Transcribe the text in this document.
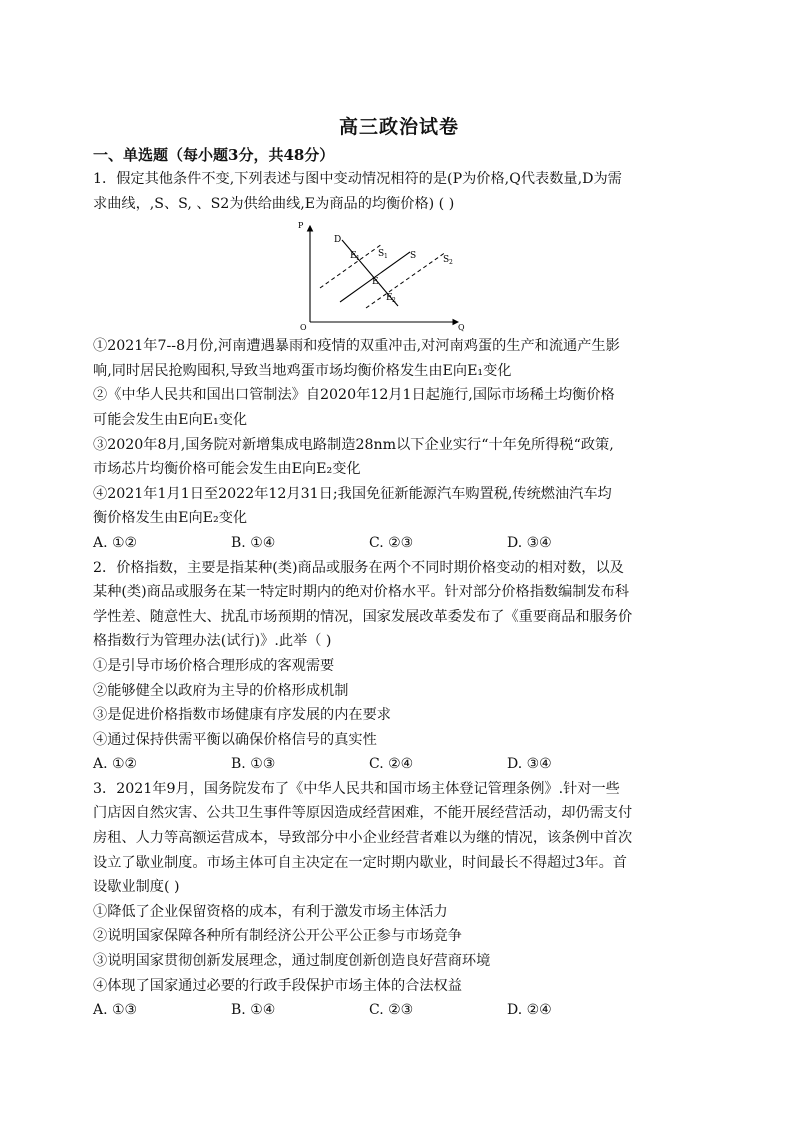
高三政治试卷
一、单选题（每小题3分，共48分）

1．假定其他条件不变,下列表述与图中变动情况相符的是(P为价格,Q代表数量,D为需

求曲线，,S、S, 、S2为供给曲线,E为商品的均衡价格) ( )

P
Q
O
D
S
S 1	S 2
E 1
E
E 2

①2021年7--8月份,河南遭遇暴雨和疫情的双重冲击,对河南鸡蛋的生产和流通产生影

响,同时居民抢购囤积,导致当地鸡蛋市场均衡价格发生由E向E₁变化

②《中华人民共和国出口管制法》自2020年12月1日起施行,国际市场稀土均衡价格

可能会发生由E向E₁变化

③2020年8月,国务院对新增集成电路制造28nm以下企业实行“十年免所得税“政策,

市场芯片均衡价格可能会发生由E向E₂变化

④2021年1月1日至2022年12月31日;我国免征新能源汽车购置税,传统燃油汽车均

衡价格发生由E向E₂变化

A. ①②	B. ①④	C. ②③	D. ③④

2．价格指数，主要是指某种(类)商品或服务在两个不同时期价格变动的相对数，以及

某种(类)商品或服务在某一特定时期内的绝对价格水平。针对部分价格指数编制发布科

学性差、随意性大、扰乱市场预期的情况，国家发展改革委发布了《重要商品和服务价

格指数行为管理办法(试行)》.此举（ )

①是引导市场价格合理形成的客观需要

②能够健全以政府为主导的价格形成机制

③是促进价格指数市场健康有序发展的内在要求

④通过保持供需平衡以确保价格信号的真实性

A. ①②	B. ①③	C. ②④	D. ③④

3．2021年9月，国务院发布了《中华人民共和国市场主体登记管理条例》.针对一些

门店因自然灾害、公共卫生事件等原因造成经营困难，不能开展经营活动，却仍需支付

房租、人力等高额运营成本，导致部分中小企业经营者难以为继的情况，该条例中首次

设立了歇业制度。市场主体可自主决定在一定时期内歇业，时间最长不得超过3年。首

设歇业制度( )

①降低了企业保留资格的成本，有利于激发市场主体活力

②说明国家保障各种所有制经济公开公平公正参与市场竞争

③说明国家贯彻创新发展理念，通过制度创新创造良好营商环境

④体现了国家通过必要的行政手段保护市场主体的合法权益

A. ①③	B. ①④	C. ②③	D. ②④
